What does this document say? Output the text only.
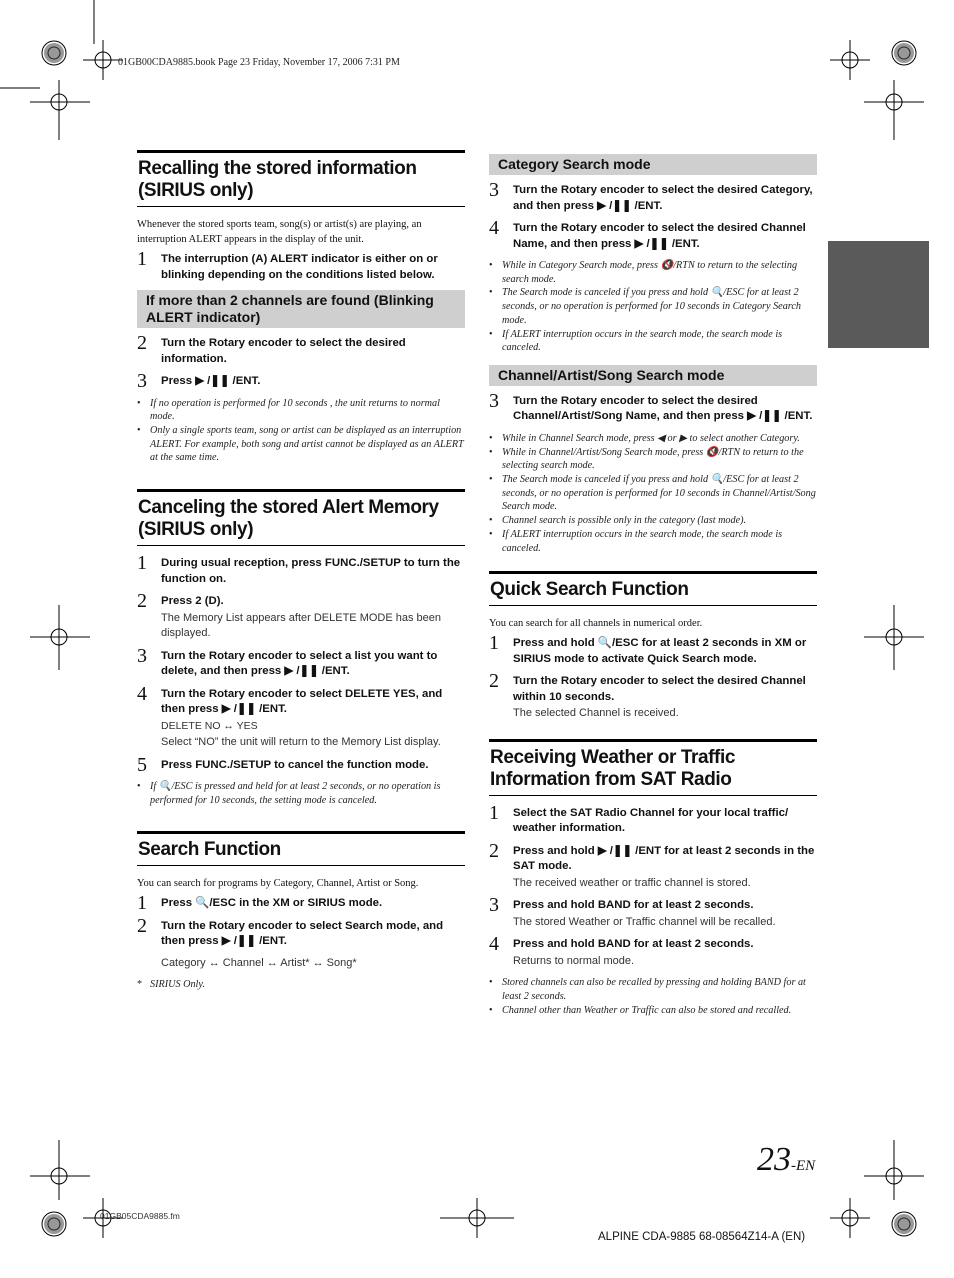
01GB00CDA9885.book Page 23 Friday, November 17, 2006 7:31 PM
Recalling the stored information (SIRIUS only)

Whenever the stored sports team, song(s) or artist(s) are playing, an interruption ALERT appears in the display of the unit.

1 The interruption (A) ALERT indicator is either on or blinking depending on the conditions listed below.
If more than 2 channels are found (Blinking ALERT indicator)
2 Turn the Rotary encoder to select the desired information.
3 Press ▶ /❚❚ /ENT.
• If no operation is performed for 10 seconds , the unit returns to normal mode.
• Only a single sports team, song or artist can be displayed as an interruption ALERT. For example, both song and artist cannot be displayed as an ALERT at the same time.
Canceling the stored Alert Memory (SIRIUS only)
1 During usual reception, press FUNC./SETUP to turn the function on.
2 Press 2 (D).
The Memory List appears after DELETE MODE has been displayed.
3 Turn the Rotary encoder to select a list you want to delete, and then press ▶ /❚❚ /ENT.
4 Turn the Rotary encoder to select DELETE YES, and then press ▶ /❚❚ /ENT.
DELETE NO ↔ YES
Select “NO” the unit will return to the Memory List display.
5 Press FUNC./SETUP to cancel the function mode.
• If 🔍/ESC is pressed and held for at least 2 seconds, or no operation is performed for 10 seconds, the setting mode is canceled.
Search Function

You can search for programs by Category, Channel, Artist or Song.

1 Press 🔍/ESC in the XM or SIRIUS mode.
2 Turn the Rotary encoder to select Search mode, and then press ▶ /❚❚ /ENT.
Category ↔ Channel ↔ Artist* ↔ Song*
* SIRIUS Only.
Category Search mode
3 Turn the Rotary encoder to select the desired Category, and then press ▶ /❚❚ /ENT.
4 Turn the Rotary encoder to select the desired Channel Name, and then press ▶ /❚❚ /ENT.
• While in Category Search mode, press 🔇/RTN to return to the selecting search mode.
• The Search mode is canceled if you press and hold 🔍/ESC for at least 2 seconds, or no operation is performed for 10 seconds in Category Search mode.
• If ALERT interruption occurs in the search mode, the search mode is canceled.
Channel/Artist/Song Search mode
3 Turn the Rotary encoder to select the desired Channel/Artist/Song Name, and then press ▶ /❚❚ /ENT.
• While in Channel Search mode, press ◀ or ▶ to select another Category.
• While in Channel/Artist/Song Search mode, press 🔇/RTN to return to the selecting search mode.
• The Search mode is canceled if you press and hold 🔍/ESC for at least 2 seconds, or no operation is performed for 10 seconds in Channel/Artist/Song Search mode.
• Channel search is possible only in the category (last mode).
• If ALERT interruption occurs in the search mode, the search mode is canceled.
Quick Search Function

You can search for all channels in numerical order.

1 Press and hold 🔍/ESC for at least 2 seconds in XM or SIRIUS mode to activate Quick Search mode.
2 Turn the Rotary encoder to select the desired Channel within 10 seconds.
The selected Channel is received.
Receiving Weather or Traffic Information from SAT Radio
1 Select the SAT Radio Channel for your local traffic/ weather information.
2 Press and hold ▶ /❚❚ /ENT for at least 2 seconds in the SAT mode.
The received weather or traffic channel is stored.
3 Press and hold BAND for at least 2 seconds.
The stored Weather or Traffic channel will be recalled.
4 Press and hold BAND for at least 2 seconds.
Returns to normal mode.
• Stored channels can also be recalled by pressing and holding BAND for at least 2 seconds.
• Channel other than Weather or Traffic can also be stored and recalled.
23-EN
01GB05CDA9885.fm
ALPINE CDA-9885 68-08564Z14-A (EN)
